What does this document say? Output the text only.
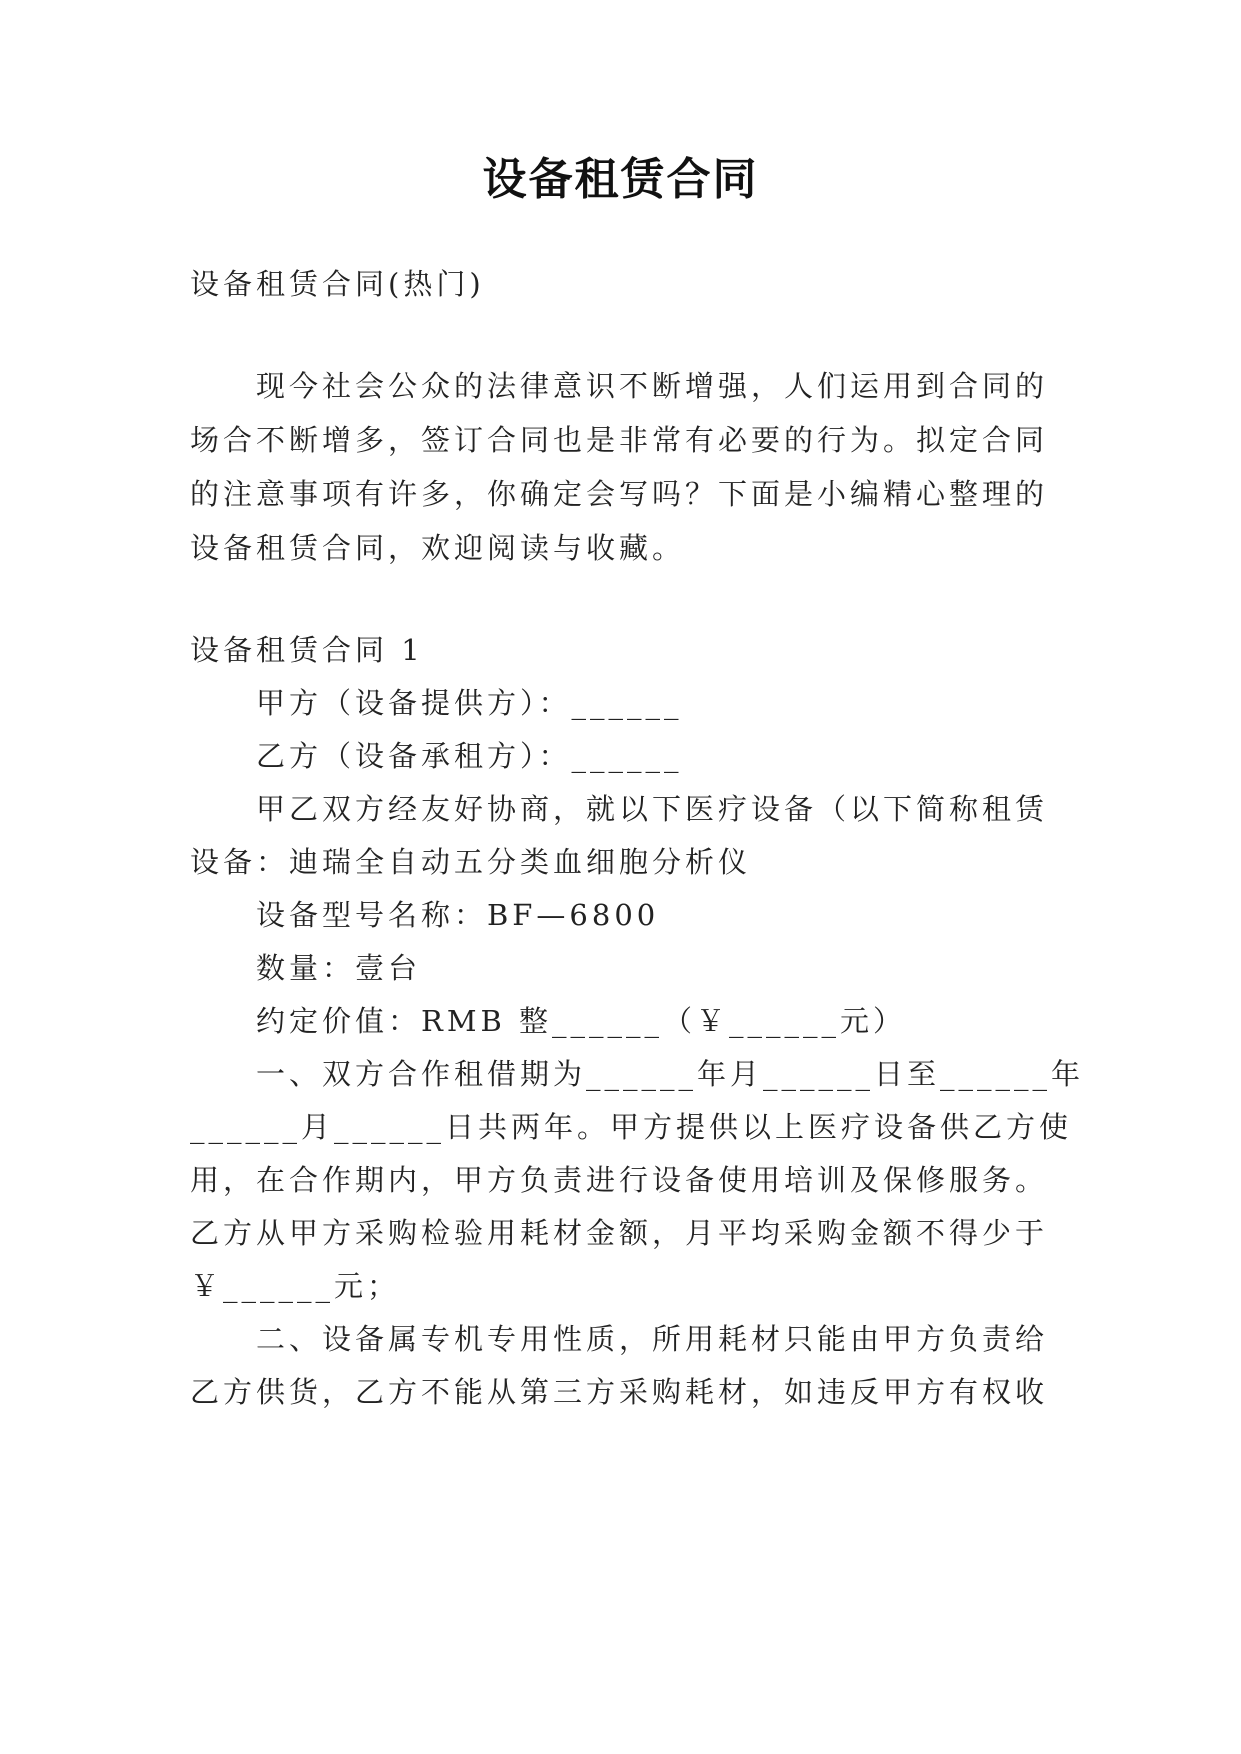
设备租赁合同
设备租赁合同(热门)
现今社会公众的法律意识不断增强，人们运用到合同的
场合不断增多，签订合同也是非常有必要的行为。拟定合同
的注意事项有许多，你确定会写吗？下面是小编精心整理的
设备租赁合同，欢迎阅读与收藏。
设备租赁合同 1
甲方（设备提供方）：______
乙方（设备承租方）：______
甲乙双方经友好协商，就以下医疗设备（以下简称租赁
设备：迪瑞全自动五分类血细胞分析仪
设备型号名称：BF—6800
数量：壹台
约定价值：RMB 整______（￥______元）
一、双方合作租借期为______年月______日至______年
______月______日共两年。甲方提供以上医疗设备供乙方使
用，在合作期内，甲方负责进行设备使用培训及保修服务。
乙方从甲方采购检验用耗材金额，月平均采购金额不得少于
￥______元；
二、设备属专机专用性质，所用耗材只能由甲方负责给
乙方供货，乙方不能从第三方采购耗材，如违反甲方有权收
